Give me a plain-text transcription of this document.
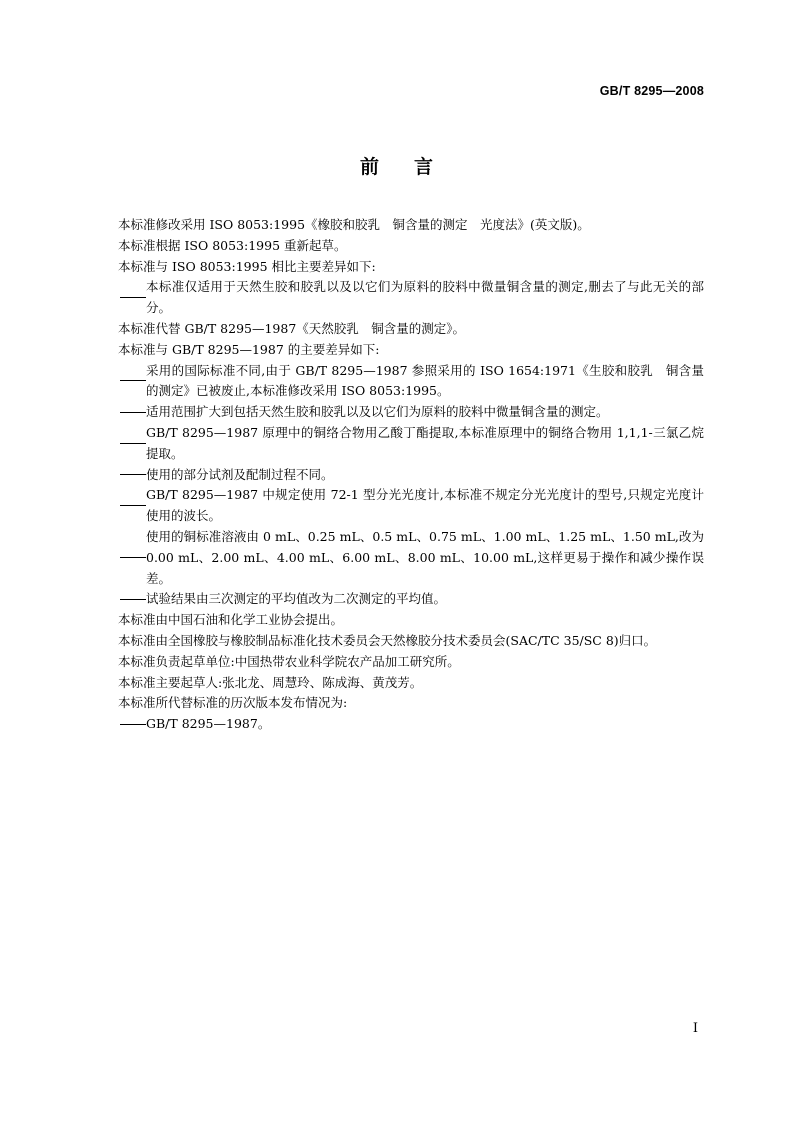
GB/T 8295—2008
前 言

本标准修改采用 ISO 8053:1995《橡胶和胶乳　铜含量的测定　光度法》(英文版)。

本标准根据 ISO 8053:1995 重新起草。

本标准与 ISO 8053:1995 相比主要差异如下:

本标准仅适用于天然生胶和胶乳以及以它们为原料的胶料中微量铜含量的测定,删去了与此无关的部分。

本标准代替 GB/T 8295—1987《天然胶乳　铜含量的测定》。

本标准与 GB/T 8295—1987 的主要差异如下:

采用的国际标准不同,由于 GB/T 8295—1987 参照采用的 ISO 1654:1971《生胶和胶乳　铜含量的测定》已被废止,本标准修改采用 ISO 8053:1995。
适用范围扩大到包括天然生胶和胶乳以及以它们为原料的胶料中微量铜含量的测定。
GB/T 8295—1987 原理中的铜络合物用乙酸丁酯提取,本标准原理中的铜络合物用 1,1,1-三氯乙烷提取。
使用的部分试剂及配制过程不同。
GB/T 8295—1987 中规定使用 72-1 型分光光度计,本标准不规定分光光度计的型号,只规定光度计使用的波长。
使用的铜标准溶液由 0 mL、0.25 mL、0.5 mL、0.75 mL、1.00 mL、1.25 mL、1.50 mL,改为 0.00 mL、2.00 mL、4.00 mL、6.00 mL、8.00 mL、10.00 mL,这样更易于操作和减少操作误差。
试验结果由三次测定的平均值改为二次测定的平均值。

本标准由中国石油和化学工业协会提出。

本标准由全国橡胶与橡胶制品标准化技术委员会天然橡胶分技术委员会(SAC/TC 35/SC 8)归口。

本标准负责起草单位:中国热带农业科学院农产品加工研究所。

本标准主要起草人:张北龙、周慧玲、陈成海、黄茂芳。

本标准所代替标准的历次版本发布情况为:

GB/T 8295—1987。
I
